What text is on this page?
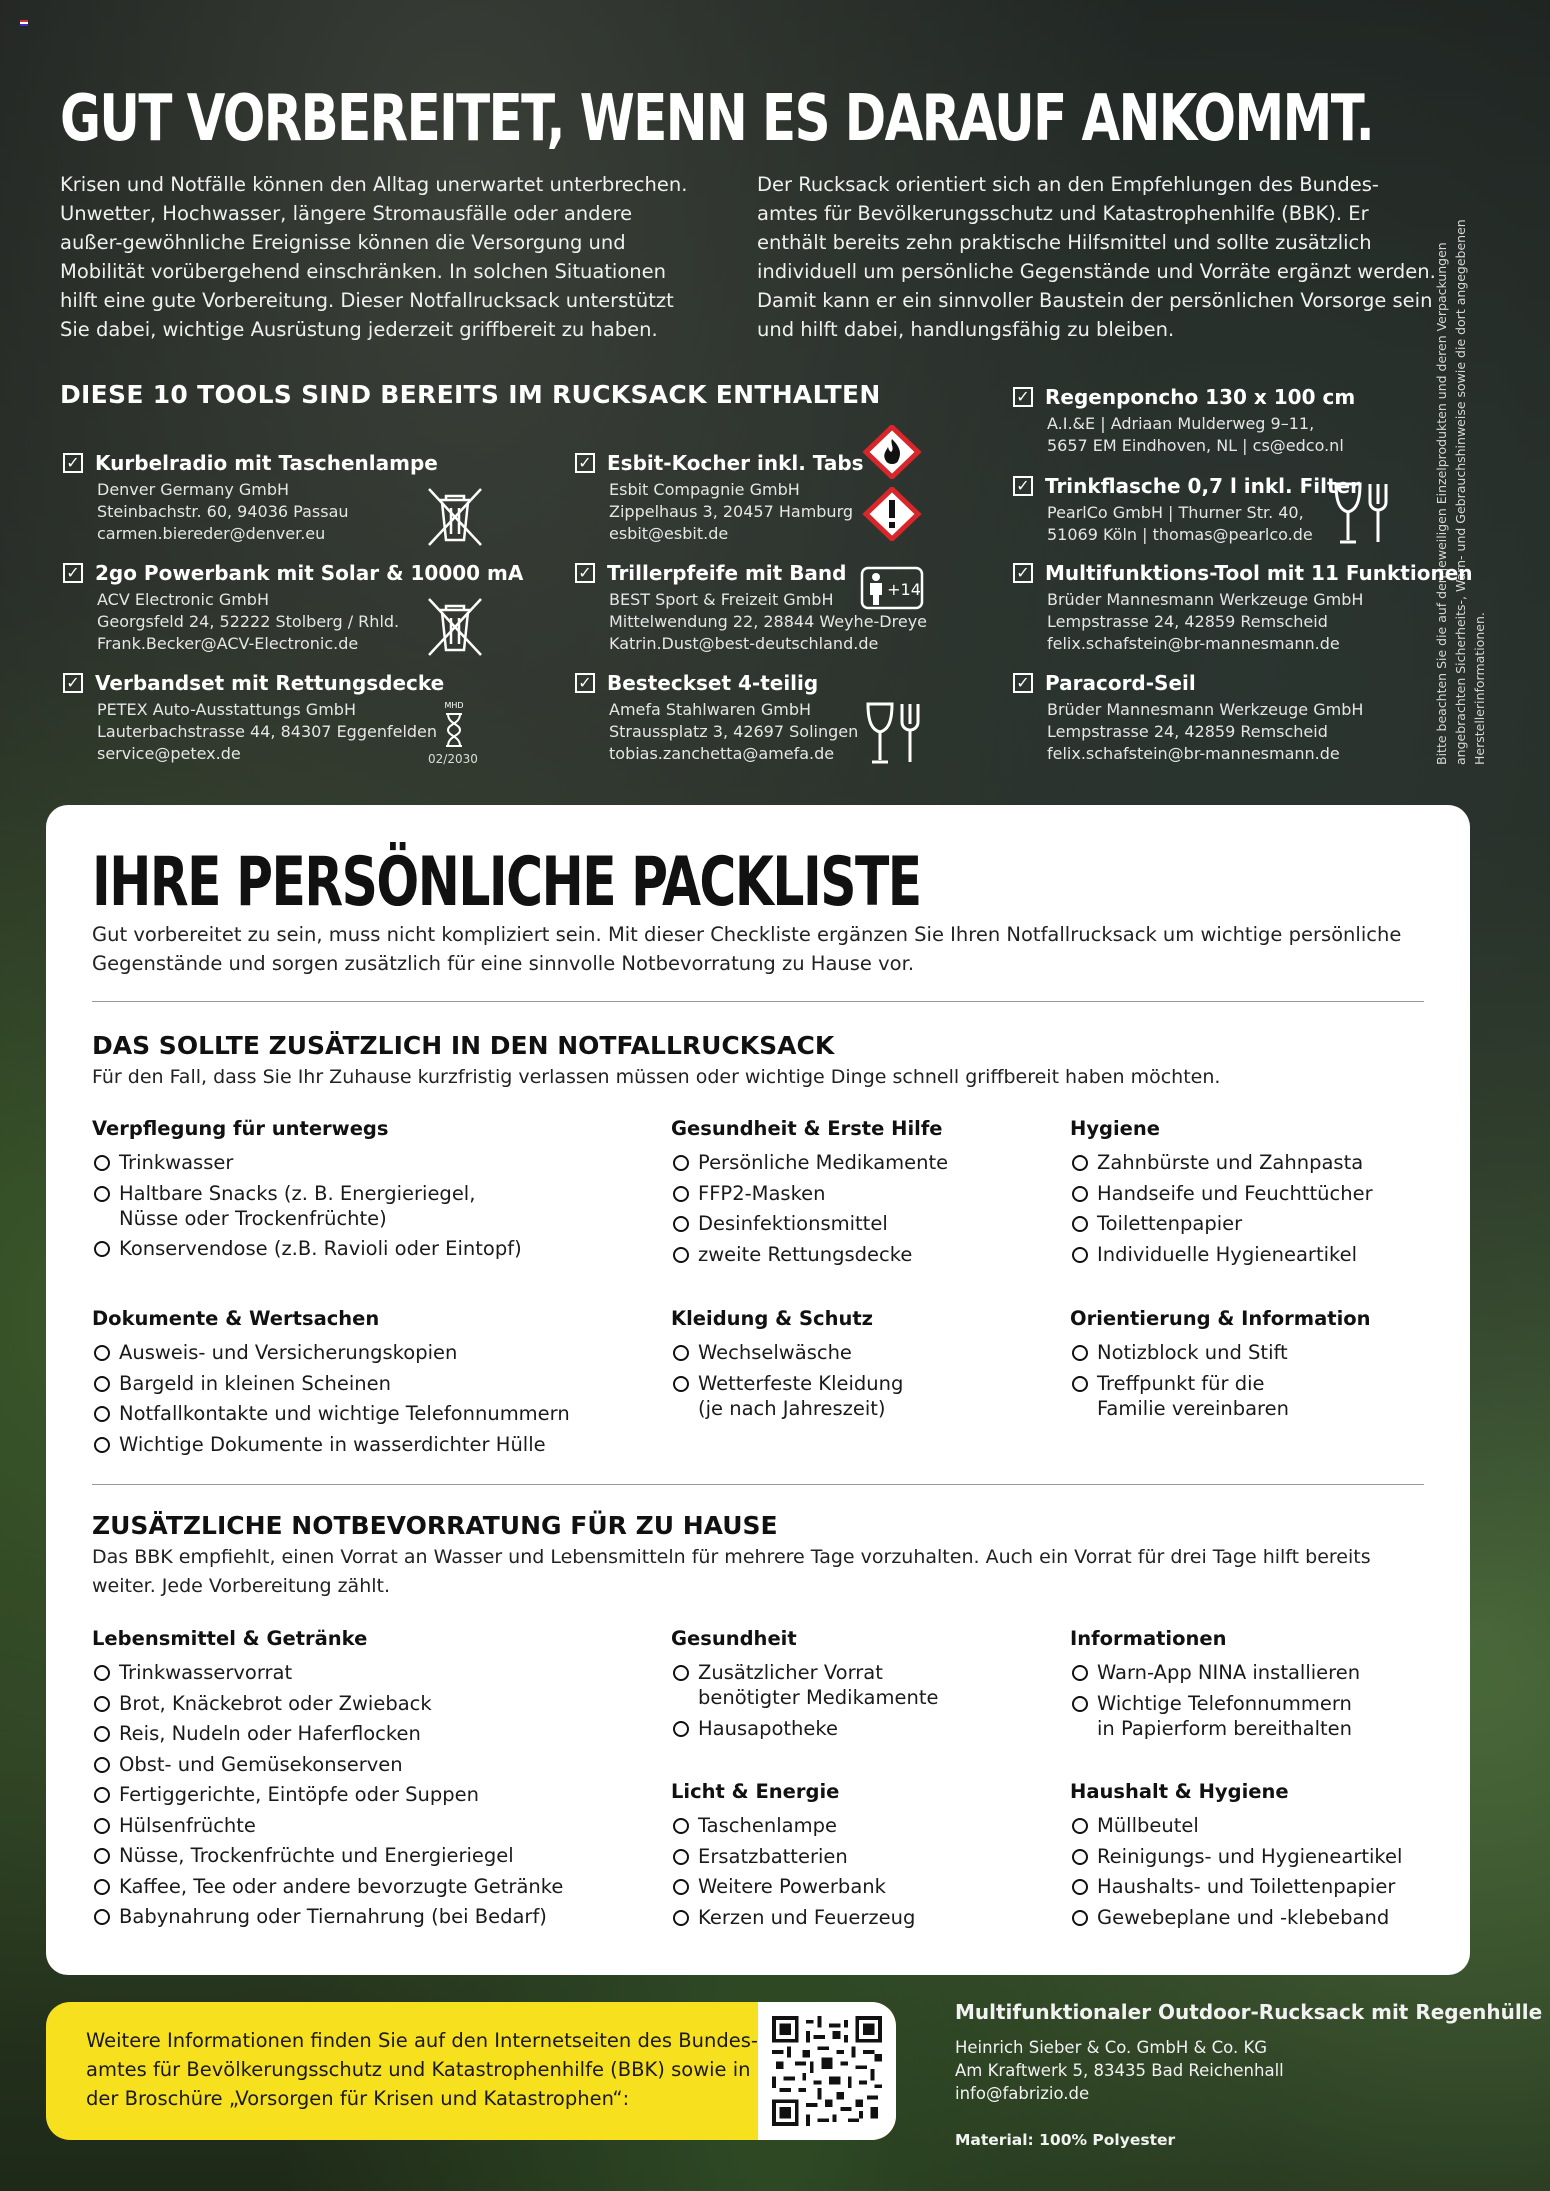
GUT VORBEREITET, WENN ES DARAUF ANKOMMT.

Krisen und Notfälle können den Alltag unerwartet unterbrechen. Unwetter, Hochwasser, längere Stromausfälle oder andere außer-gewöhnliche Ereignisse können die Versorgung und Mobilität vorübergehend einschränken. In solchen Situationen hilft eine gute Vorbereitung. Dieser Notfallrucksack unterstützt Sie dabei, wichtige Ausrüstung jederzeit griffbereit zu haben.

Der Rucksack orientiert sich an den Empfehlungen des Bundes-amtes für Bevölkerungsschutz und Katastrophenhilfe (BBK). Er enthält bereits zehn praktische Hilfsmittel und sollte zusätzlich individuell um persönliche Gegenstände und Vorräte ergänzt werden. Damit kann er ein sinnvoller Baustein der persönlichen Vorsorge sein und hilft dabei, handlungsfähig zu bleiben.	Bitte beachten Sie die auf den jeweiligen Einzelprodukten und deren Verpackungen angebrachten Sicherheits-, Warn- und Gebrauchshinweise sowie die dort angegebenen Herstellerinformationen.
DIESE 10 TOOLS SIND BEREITS IM RUCKSACK ENTHALTEN
✓ Kurbelradio mit Taschenlampe
Denver Germany GmbH
Steinbachstr. 60, 94036 Passau
carmen.biereder@denver.eu
✓ 2go Powerbank mit Solar & 10000 mA
ACV Electronic GmbH
Georgsfeld 24, 52222 Stolberg / Rhld.
Frank.Becker@ACV-Electronic.de
✓ Verbandset mit Rettungsdecke
PETEX Auto-Ausstattungs GmbH
Lauterbachstrasse 44, 84307 Eggenfelden
service@petex.de
✓ Esbit-Kocher inkl. Tabs
Esbit Compagnie GmbH
Zippelhaus 3, 20457 Hamburg
esbit@esbit.de
✓ Trillerpfeife mit Band
BEST Sport & Freizeit GmbH
Mittelwendung 22, 28844 Weyhe-Dreye
Katrin.Dust@best-deutschland.de
✓ Besteckset 4-teilig
Amefa Stahlwaren GmbH
Straussplatz 3, 42697 Solingen
tobias.zanchetta@amefa.de
✓ Regenponcho 130 x 100 cm
A.I.&E | Adriaan Mulderweg 9–11,
5657 EM Eindhoven, NL | cs@edco.nl
✓ Trinkflasche 0,7 l inkl. Filter
PearlCo GmbH | Thurner Str. 40,
51069 Köln | thomas@pearlco.de
✓ Multifunktions-Tool mit 11 Funktionen
Brüder Mannesmann Werkzeuge GmbH
Lempstrasse 24, 42859 Remscheid
felix.schafstein@br-mannesmann.de
✓ Paracord-Seil
Brüder Mannesmann Werkzeuge GmbH
Lempstrasse 24, 42859 Remscheid
felix.schafstein@br-mannesmann.de
MHD
02/2030
+14
IHRE PERSÖNLICHE PACKLISTE

Gut vorbereitet zu sein, muss nicht kompliziert sein. Mit dieser Checkliste ergänzen Sie Ihren Notfallrucksack um wichtige persönliche Gegenstände und sorgen zusätzlich für eine sinnvolle Notbevorratung zu Hause vor.

DAS SOLLTE ZUSÄTZLICH IN DEN NOTFALLRUCKSACK

Für den Fall, dass Sie Ihr Zuhause kurzfristig verlassen müssen oder wichtige Dinge schnell griffbereit haben möchten.

Verpflegung für unterwegs
Trinkwasser
Haltbare Snacks (z. B. Energieriegel,
Nüsse oder Trockenfrüchte)
Konservendose (z.B. Ravioli oder Eintopf)
Gesundheit & Erste Hilfe
Persönliche Medikamente
FFP2-Masken
Desinfektionsmittel
zweite Rettungsdecke
Hygiene
Zahnbürste und Zahnpasta
Handseife und Feuchttücher
Toilettenpapier
Individuelle Hygieneartikel
Dokumente & Wertsachen
Ausweis- und Versicherungskopien
Bargeld in kleinen Scheinen
Notfallkontakte und wichtige Telefonnummern
Wichtige Dokumente in wasserdichter Hülle
Kleidung & Schutz
Wechselwäsche
Wetterfeste Kleidung
(je nach Jahreszeit)
Orientierung & Information
Notizblock und Stift
Treffpunkt für die
Familie vereinbaren
ZUSÄTZLICHE NOTBEVORRATUNG FÜR ZU HAUSE

Das BBK empfiehlt, einen Vorrat an Wasser und Lebensmitteln für mehrere Tage vorzuhalten. Auch ein Vorrat für drei Tage hilft bereits weiter. Jede Vorbereitung zählt.

Lebensmittel & Getränke
Trinkwasservorrat
Brot, Knäckebrot oder Zwieback
Reis, Nudeln oder Haferflocken
Obst- und Gemüsekonserven
Fertiggerichte, Eintöpfe oder Suppen
Hülsenfrüchte
Nüsse, Trockenfrüchte und Energieriegel
Kaffee, Tee oder andere bevorzugte Getränke
Babynahrung oder Tiernahrung (bei Bedarf)
Gesundheit
Zusätzlicher Vorrat
benötigter Medikamente
Hausapotheke
Informationen
Warn-App NINA installieren
Wichtige Telefonnummern
in Papierform bereithalten
Licht & Energie
Taschenlampe
Ersatzbatterien
Weitere Powerbank
Kerzen und Feuerzeug
Haushalt & Hygiene
Müllbeutel
Reinigungs- und Hygieneartikel
Haushalts- und Toilettenpapier
Gewebeplane und -klebeband

Weitere Informationen finden Sie auf den Internetseiten des Bundes-amtes für Bevölkerungsschutz und Katastrophenhilfe (BBK) sowie in der Broschüre „Vorsorgen für Krisen und Katastrophen“:

Multifunktionaler Outdoor-Rucksack mit Regenhülle
Heinrich Sieber & Co. GmbH & Co. KG
Am Kraftwerk 5, 83435 Bad Reichenhall
info@fabrizio.de
Material: 100% Polyester
